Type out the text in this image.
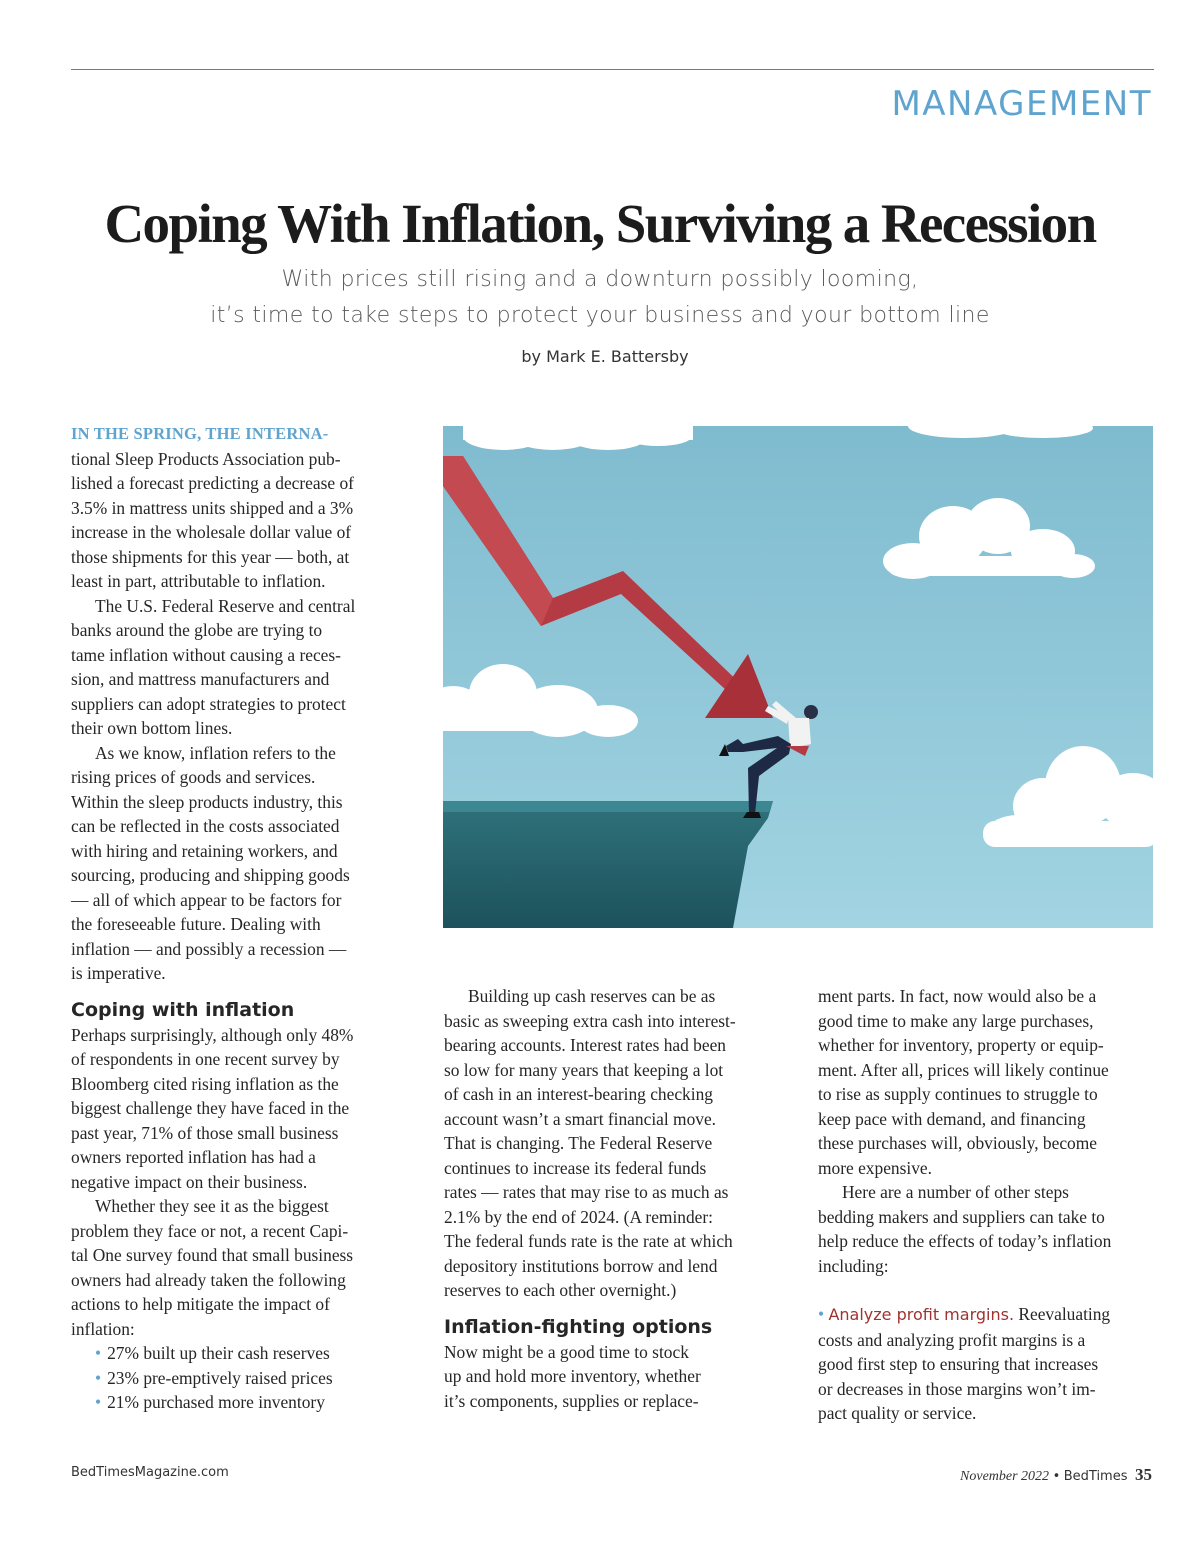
MANAGEMENT
Coping With Inflation, Surviving a Recession
With prices still rising and a downturn possibly looming,
it’s time to take steps to protect your business and your bottom line
by Mark E. Battersby

IN THE SPRING, THE INTERNA-
tional Sleep Products Association pub-
lished a forecast predicting a decrease of
3.5% in mattress units shipped and a 3%
increase in the wholesale dollar value of
those shipments for this year — both, at
least in part, attributable to inflation.

The U.S. Federal Reserve and central
banks around the globe are trying to
tame inflation without causing a reces-
sion, and mattress manufacturers and
suppliers can adopt strategies to protect
their own bottom lines.

As we know, inflation refers to the
rising prices of goods and services.
Within the sleep products industry, this
can be reflected in the costs associated
with hiring and retaining workers, and
sourcing, producing and shipping goods
— all of which appear to be factors for
the foreseeable future. Dealing with
inflation — and possibly a recession —
is imperative.

Coping with inflation

Perhaps surprisingly, although only 48%
of respondents in one recent survey by
Bloomberg cited rising inflation as the
biggest challenge they have faced in the
past year, 71% of those small business
owners reported inflation has had a
negative impact on their business.

Whether they see it as the biggest
problem they face or not, a recent Capi-
tal One survey found that small business
owners had already taken the following
actions to help mitigate the impact of
inflation:

• 27% built up their cash reserves
• 23% pre-emptively raised prices
• 21% purchased more inventory

Building up cash reserves can be as
basic as sweeping extra cash into interest-
bearing accounts. Interest rates had been
so low for many years that keeping a lot
of cash in an interest-bearing checking
account wasn’t a smart financial move.
That is changing. The Federal Reserve
continues to increase its federal funds
rates — rates that may rise to as much as
2.1% by the end of 2024. (A reminder:
The federal funds rate is the rate at which
depository institutions borrow and lend
reserves to each other overnight.)

Inflation-fighting options

Now might be a good time to stock
up and hold more inventory, whether
it’s components, supplies or replace-

ment parts. In fact, now would also be a
good time to make any large purchases,
whether for inventory, property or equip-
ment. After all, prices will likely continue
to rise as supply continues to struggle to
keep pace with demand, and financing
these purchases will, obviously, become
more expensive.

Here are a number of other steps
bedding makers and suppliers can take to
help reduce the effects of today’s inflation
including:

• Analyze profit margins. Reevaluating
costs and analyzing profit margins is a
good first step to ensuring that increases
or decreases in those margins won’t im-
pact quality or service.

BedTimesMagazine.com	November 2022 • BedTimes 35
